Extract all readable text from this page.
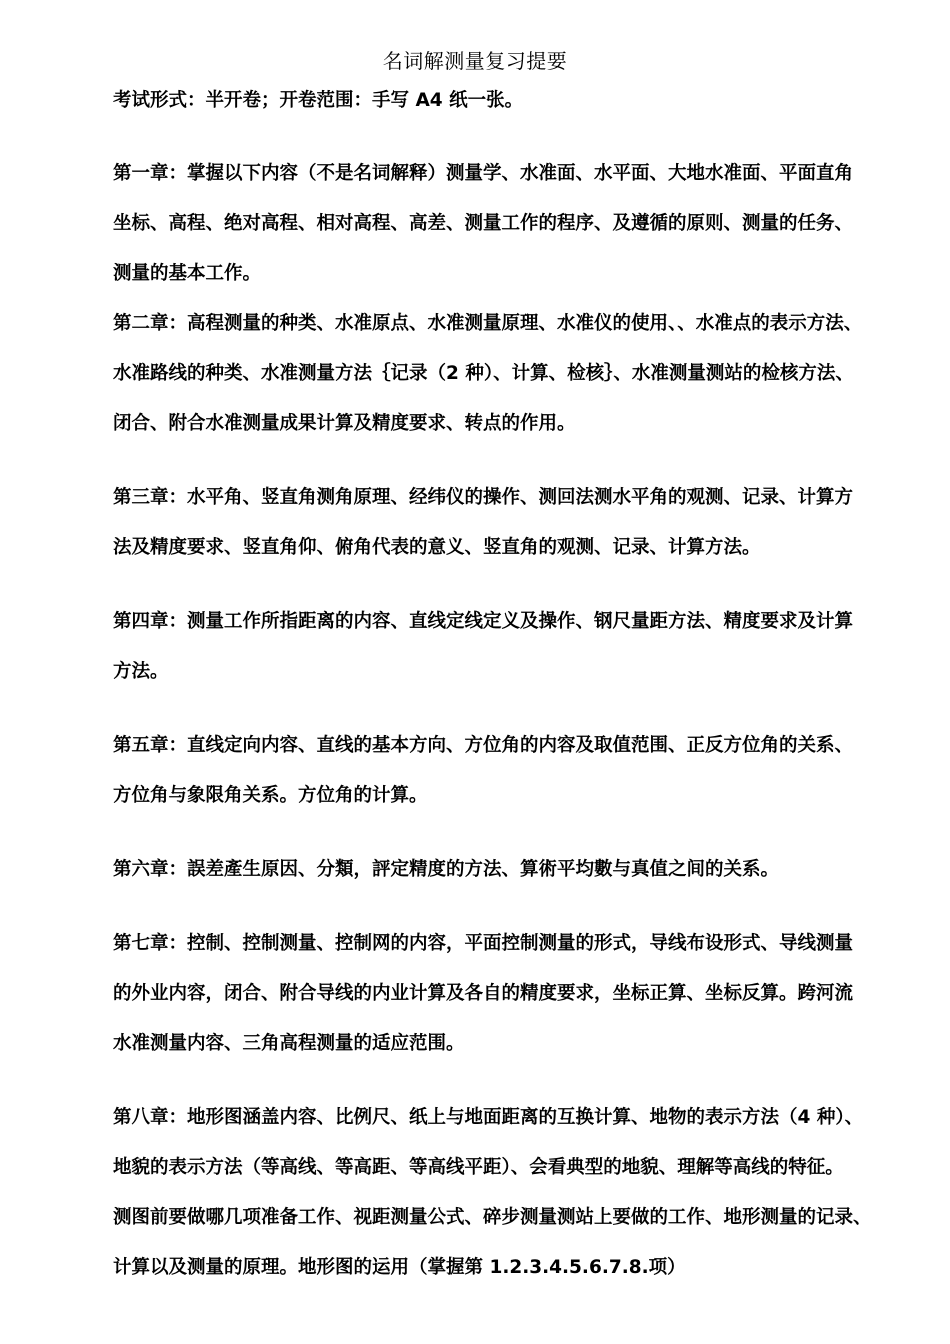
名词解测量复习提要

考试形式：半开卷；开卷范围：手写 A4 纸一张。

第一章：掌握以下内容（不是名词解释）测量学、水准面、水平面、大地水准面、平面直角

坐标、高程、绝对高程、相对高程、高差、测量工作的程序、及遵循的原则、测量的任务、

测量的基本工作。

第二章：高程测量的种类、水准原点、水准测量原理、水准仪的使用、、水准点的表示方法、

水准路线的种类、水准测量方法｛记录（2 种）、计算、检核｝、水准测量测站的检核方法、

闭合、附合水准测量成果计算及精度要求、转点的作用。

第三章：水平角、竖直角测角原理、经纬仪的操作、测回法测水平角的观测、记录、计算方

法及精度要求、竖直角仰、俯角代表的意义、竖直角的观测、记录、计算方法。

第四章：测量工作所指距离的内容、直线定线定义及操作、钢尺量距方法、精度要求及计算

方法。

第五章：直线定向内容、直线的基本方向、方位角的内容及取值范围、正反方位角的关系、

方位角与象限角关系。方位角的计算。

第六章：誤差產生原因、分類，評定精度的方法、算術平均數与真值之间的关系。

第七章：控制、控制测量、控制网的内容，平面控制测量的形式，导线布设形式、导线测量

的外业内容，闭合、附合导线的内业计算及各自的精度要求，坐标正算、坐标反算。跨河流

水准测量内容、三角高程测量的适应范围。

第八章：地形图涵盖内容、比例尺、纸上与地面距离的互换计算、地物的表示方法（4 种）、

地貌的表示方法（等高线、等高距、等高线平距）、会看典型的地貌、理解等高线的特征。

测图前要做哪几项准备工作、视距测量公式、碎步测量测站上要做的工作、地形测量的记录、

计算以及测量的原理。地形图的运用（掌握第 1.2.3.4.5.6.7.8.项）
